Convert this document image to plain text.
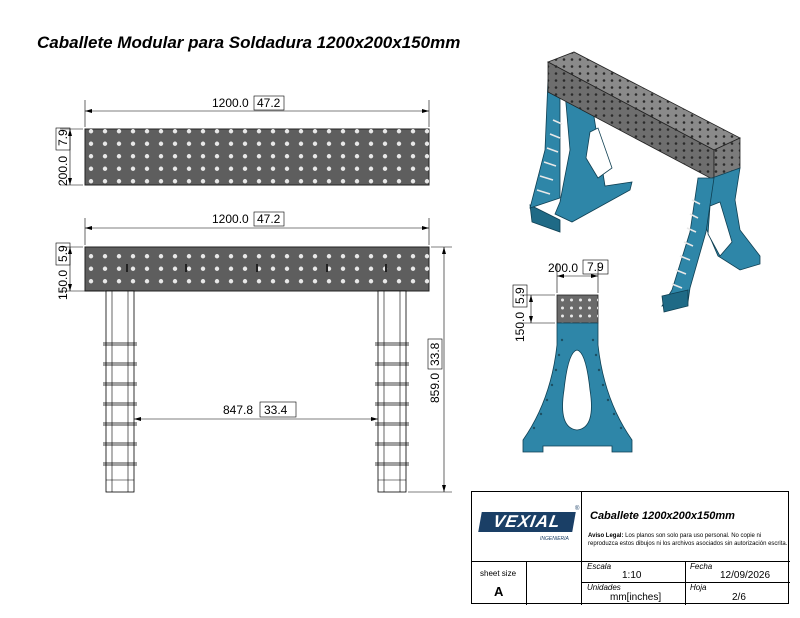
Caballete Modular para Soldadura 1200x200x150mm
1200.0 47.2
200.0
7.9
1200.0 47.2
150.0
5.9
847.8 33.4
859.0
33.8
200.0 7.9
150.0
5.9
VEXIAL
INGENIERIA
®
Caballete 1200x200x150mm
Aviso Legal: Los planos son solo para uso personal. No copie ni reproduzca estos dibujos ni los archivos asociados sin autorización escrita.
sheet size
A
Escala
1:10
Fecha
12/09/2026
Unidades
mm[inches]
Hoja
2/6
